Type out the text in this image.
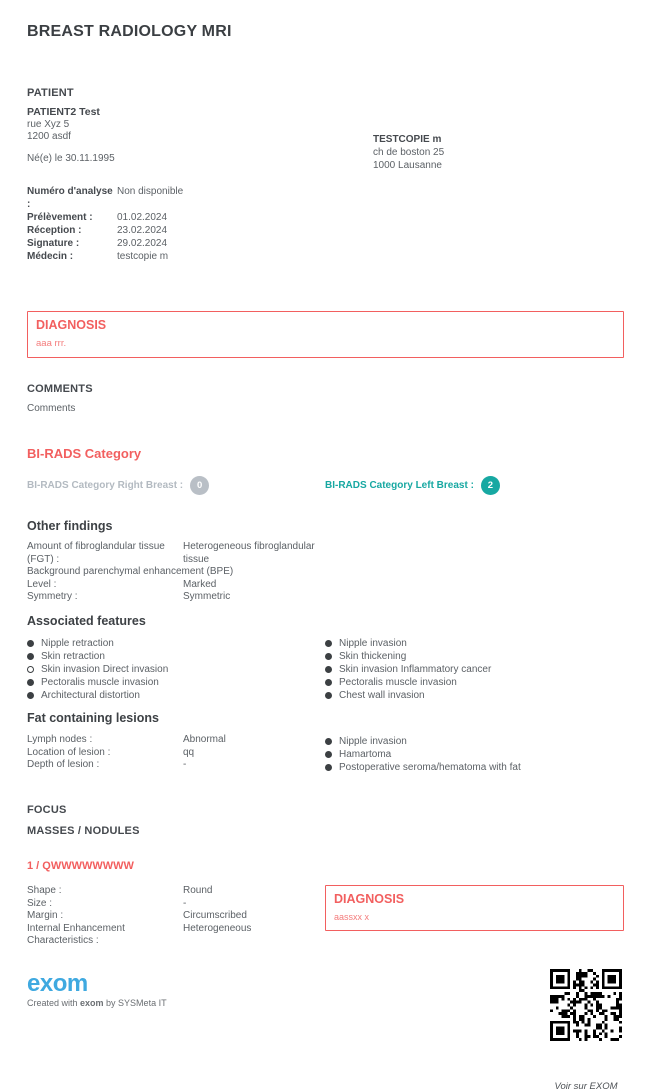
BREAST RADIOLOGY MRI
PATIENT
PATIENT2 Test
rue Xyz 5
1200 asdf
Né(e) le 30.11.1995
TESTCOPIE m
ch de boston 25
1000 Lausanne
Numéro d'analyse :
Non disponible
Prélèvement :	01.02.2024
Réception :	23.02.2024
Signature :	29.02.2024
Médecin :	testcopie m
DIAGNOSIS
aaa rrr.
COMMENTS
Comments
BI-RADS Category
BI-RADS Category Right Breast :	0	BI-RADS Category Left Breast :	2
Other findings
Amount of fibroglandular tissue (FGT) :
Heterogeneous fibroglandular tissue
Background parenchymal enhancement (BPE)
Level :	Marked
Symmetry :	Symmetric
Associated features
Nipple retraction
Skin retraction
Skin invasion Direct invasion
Pectoralis muscle invasion
Architectural distortion
Nipple invasion
Skin thickening
Skin invasion Inflammatory cancer
Pectoralis muscle invasion
Chest wall invasion
Fat containing lesions
Lymph nodes :	Abnormal
Location of lesion :	qq
Depth of lesion :	-
Nipple invasion
Hamartoma
Postoperative seroma/hematoma with fat
FOCUS
MASSES / NODULES
1 / QWWWWWWWW
Shape :	Round
Size :	-
Margin :	Circumscribed
Internal Enhancement Characteristics :
Heterogeneous
DIAGNOSIS
aassxx x
exom
Created with exom by SYSMeta IT
Voir sur EXOM
